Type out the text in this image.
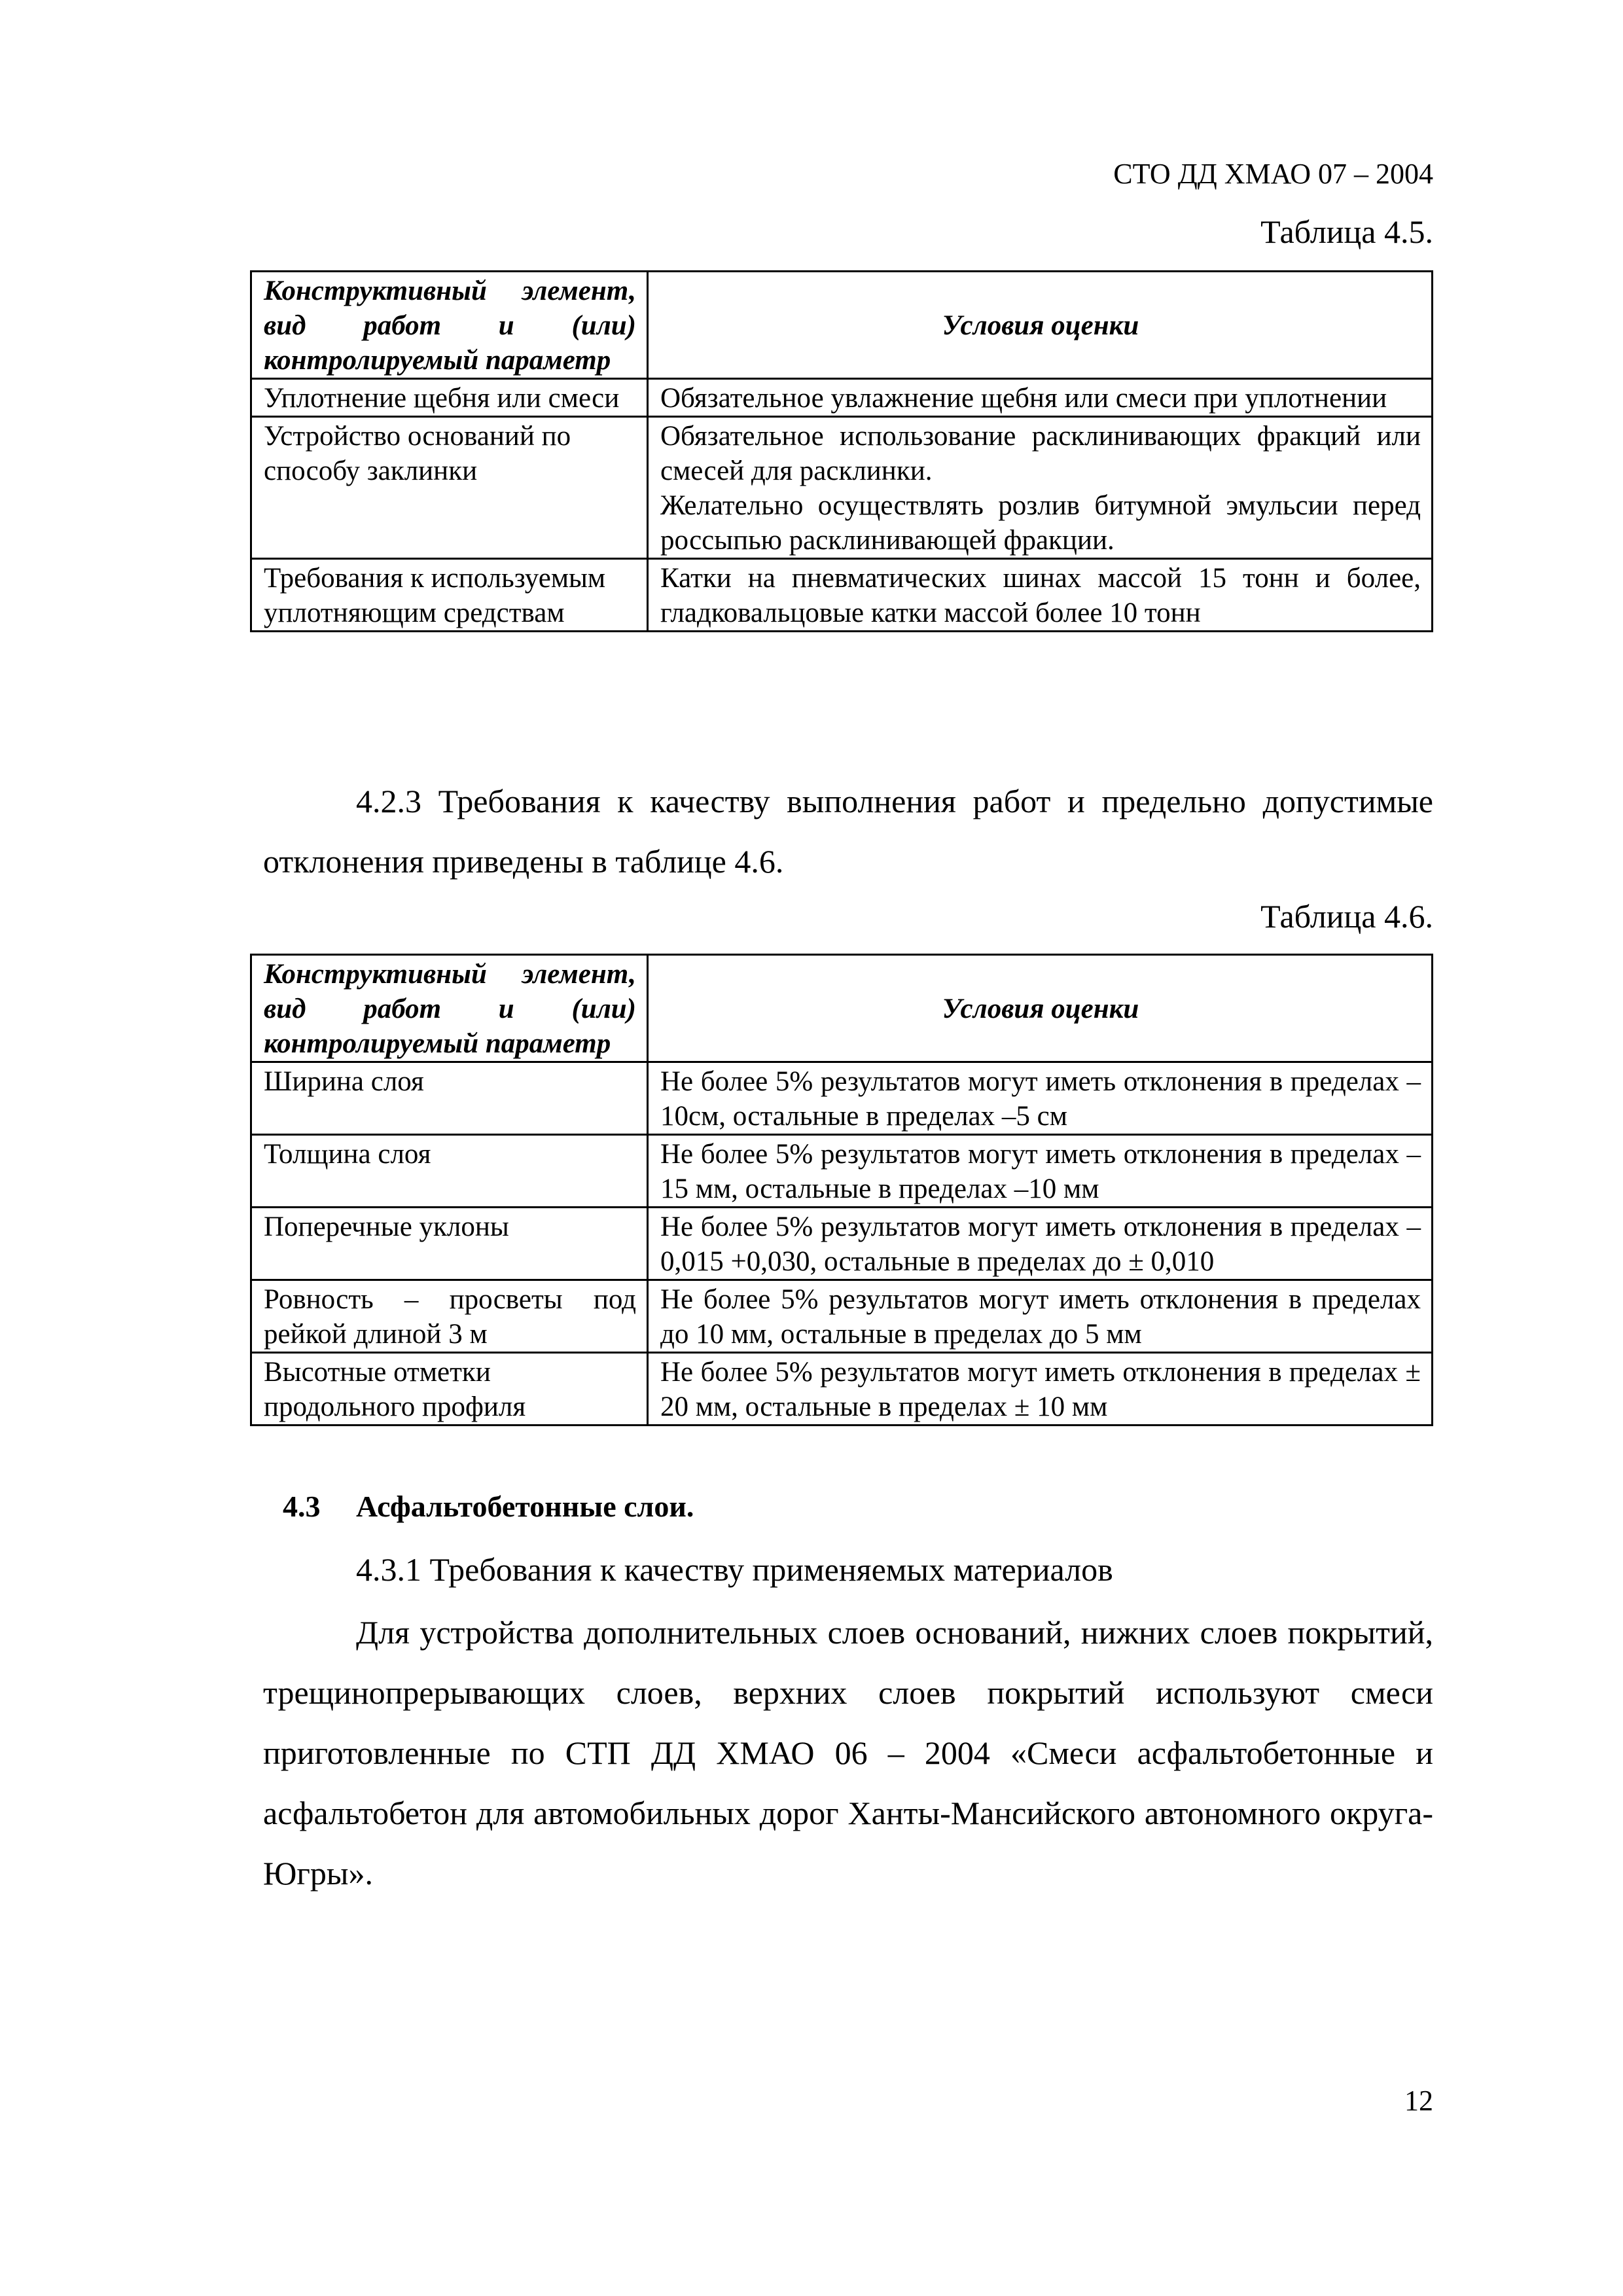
СТО ДД ХМАО 07 – 2004
Таблица 4.5.
Конструктивный элемент, вид работ и (или) контролируемый параметр	Условия оценки
Уплотнение щебня или смеси	Обязательное увлажнение щебня или смеси при уплотнении

Устройство оснований по способу заклинки	Обязательное использование расклинивающих фракций или смесей для расклинки.
Желательно осуществлять розлив битумной эмульсии перед россыпью расклинивающей фракции.

Требования к используемым уплотняющим средствам	Катки на пневматических шинах массой 15 тонн и более, гладковальцовые катки массой более 10 тонн

4.2.3 Требования к качеству выполнения работ и предельно допустимые отклонения приведены в таблице 4.6.

Таблица 4.6.
Конструктивный элемент, вид работ и (или) контролируемый параметр	Условия оценки
Ширина слоя	Не более 5% результатов могут иметь отклонения в пределах –10см, остальные в пределах –5 см
Толщина слоя	Не более 5% результатов могут иметь отклонения в пределах –15 мм, остальные в пределах –10 мм
Поперечные уклоны	Не более 5% результатов могут иметь отклонения в пределах –0,015 +0,030, остальные в пределах до ± 0,010
Ровность – просветы под рейкой длиной 3 м	Не более 5% результатов могут иметь отклонения в пределах до 10 мм, остальные в пределах до 5 мм
Высотные отметки продольного профиля	Не более 5% результатов могут иметь отклонения в пределах ± 20 мм, остальные в пределах ± 10 мм
4.3 Асфальтобетонные слои.

4.3.1 Требования к качеству применяемых материалов

Для устройства дополнительных слоев оснований, нижних слоев покрытий, трещинопрерывающих слоев, верхних слоев покрытий используют смеси приготовленные по СТП ДД ХМАО 06 – 2004 «Смеси асфальтобетонные и асфальтобетон для автомобильных дорог Ханты-Мансийского автономного округа-Югры».

12
